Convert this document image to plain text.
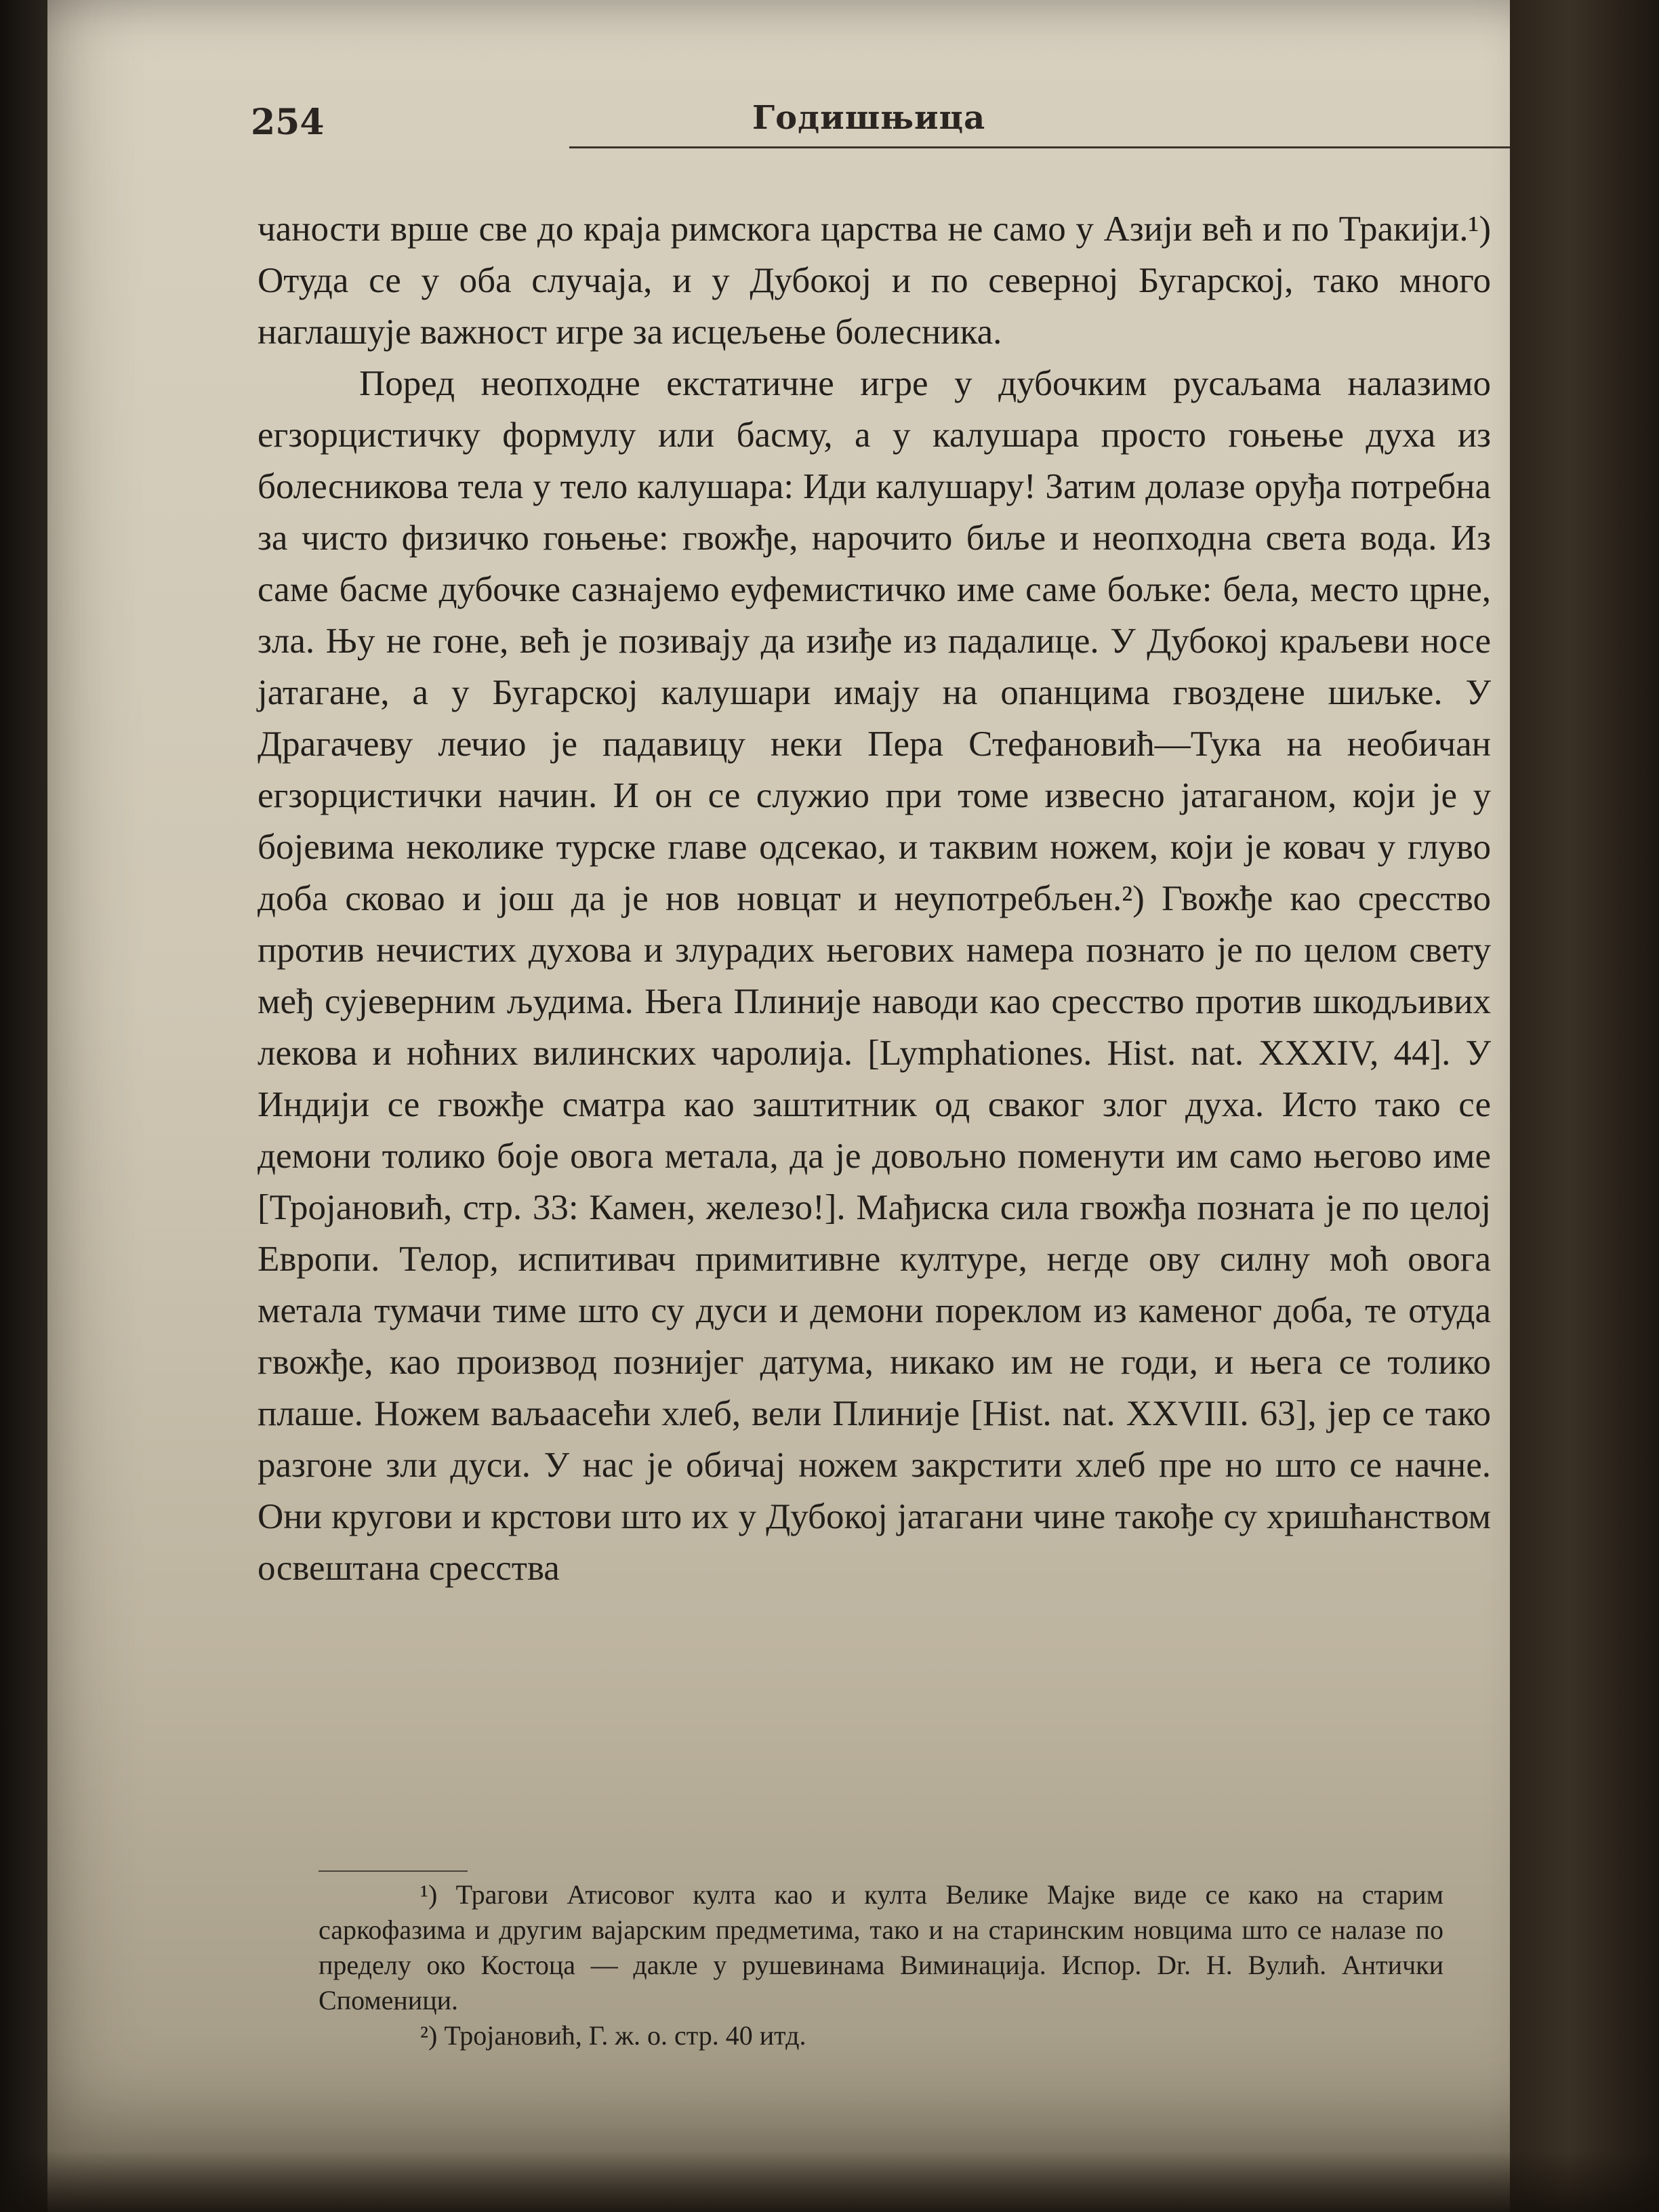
254	Годишњица

чаности врше све до краја римскога царства не само у Азији већ и по Тракији.¹) Отуда се у оба случаја, и у Дубокој и по северној Бугарској, тако много наглашује важност игре за исцељење болесника.

Поред неопходне екстатичне игре у дубочким русаљама налазимо егзорцистичку формулу или басму, а у калушара просто гоњење духа из болесникова тела у тело калушара: Иди калушару! Затим долазе оруђа потребна за чисто физичко гоњење: гвожђе, нарочито биље и неопходна света вода. Из саме басме дубочке сазнајемо еуфемистичко име саме бољке: бела, место црне, зла. Њу не гоне, већ је позивају да изиђе из падалице. У Дубокој краљеви носе јатагане, а у Бугарској калушари имају на опанцима гвоздене шиљке. У Драгачеву лечио је падавицу неки Пера Стефановић—Тука на необичан егзорцистички начин. И он се служио при томе извесно јатаганом, који је у бојевима неколике турске главе одсекао, и таквим ножем, који је ковач у глуво доба сковао и још да је нов новцат и неупотребљен.²) Гвожђе као сресство против нечистих духова и злурадих његових намера познато је по целом свету међ сујеверним људима. Њега Плиније наводи као сресство против шкодљивих лекова и ноћних вилинских чаролија. [Lymphationes. Hist. nat. XXXIV, 44]. У Индији се гвожђе сматра као заштитник од сваког злог духа. Исто тако се демони толико боје овога метала, да је довољно поменути им само његово име [Тројановић, стр. 33: Камен, железо!]. Мађиска сила гвожђа позната је по целој Европи. Телор, испитивач примитивне културе, негде ову силну моћ овога метала тумачи тиме што су дуси и демони пореклом из каменог доба, те отуда гвожђе, као производ познијег датума, никако им не годи, и њега се толико плаше. Ножем ваљаасећи хлеб, вели Плиније [Hist. nat. XXVIII. 63], јер се тако разгоне зли дуси. У нас је обичај ножем закрстити хлеб пре но што се начне. Они кругови и крстови што их у Дубокој јатагани чине такође су хришћанством освештана сресства

¹) Трагови Атисовог култа као и култа Велике Мајке виде се како на старим саркофазима и другим вајарским предметима, тако и на старинским новцима што се налазе по пределу око Костоца — дакле у рушевинама Виминација. Испор. Dr. Н. Вулић. Антички Споменици.

²) Тројановић, Г. ж. о. стр. 40 итд.
